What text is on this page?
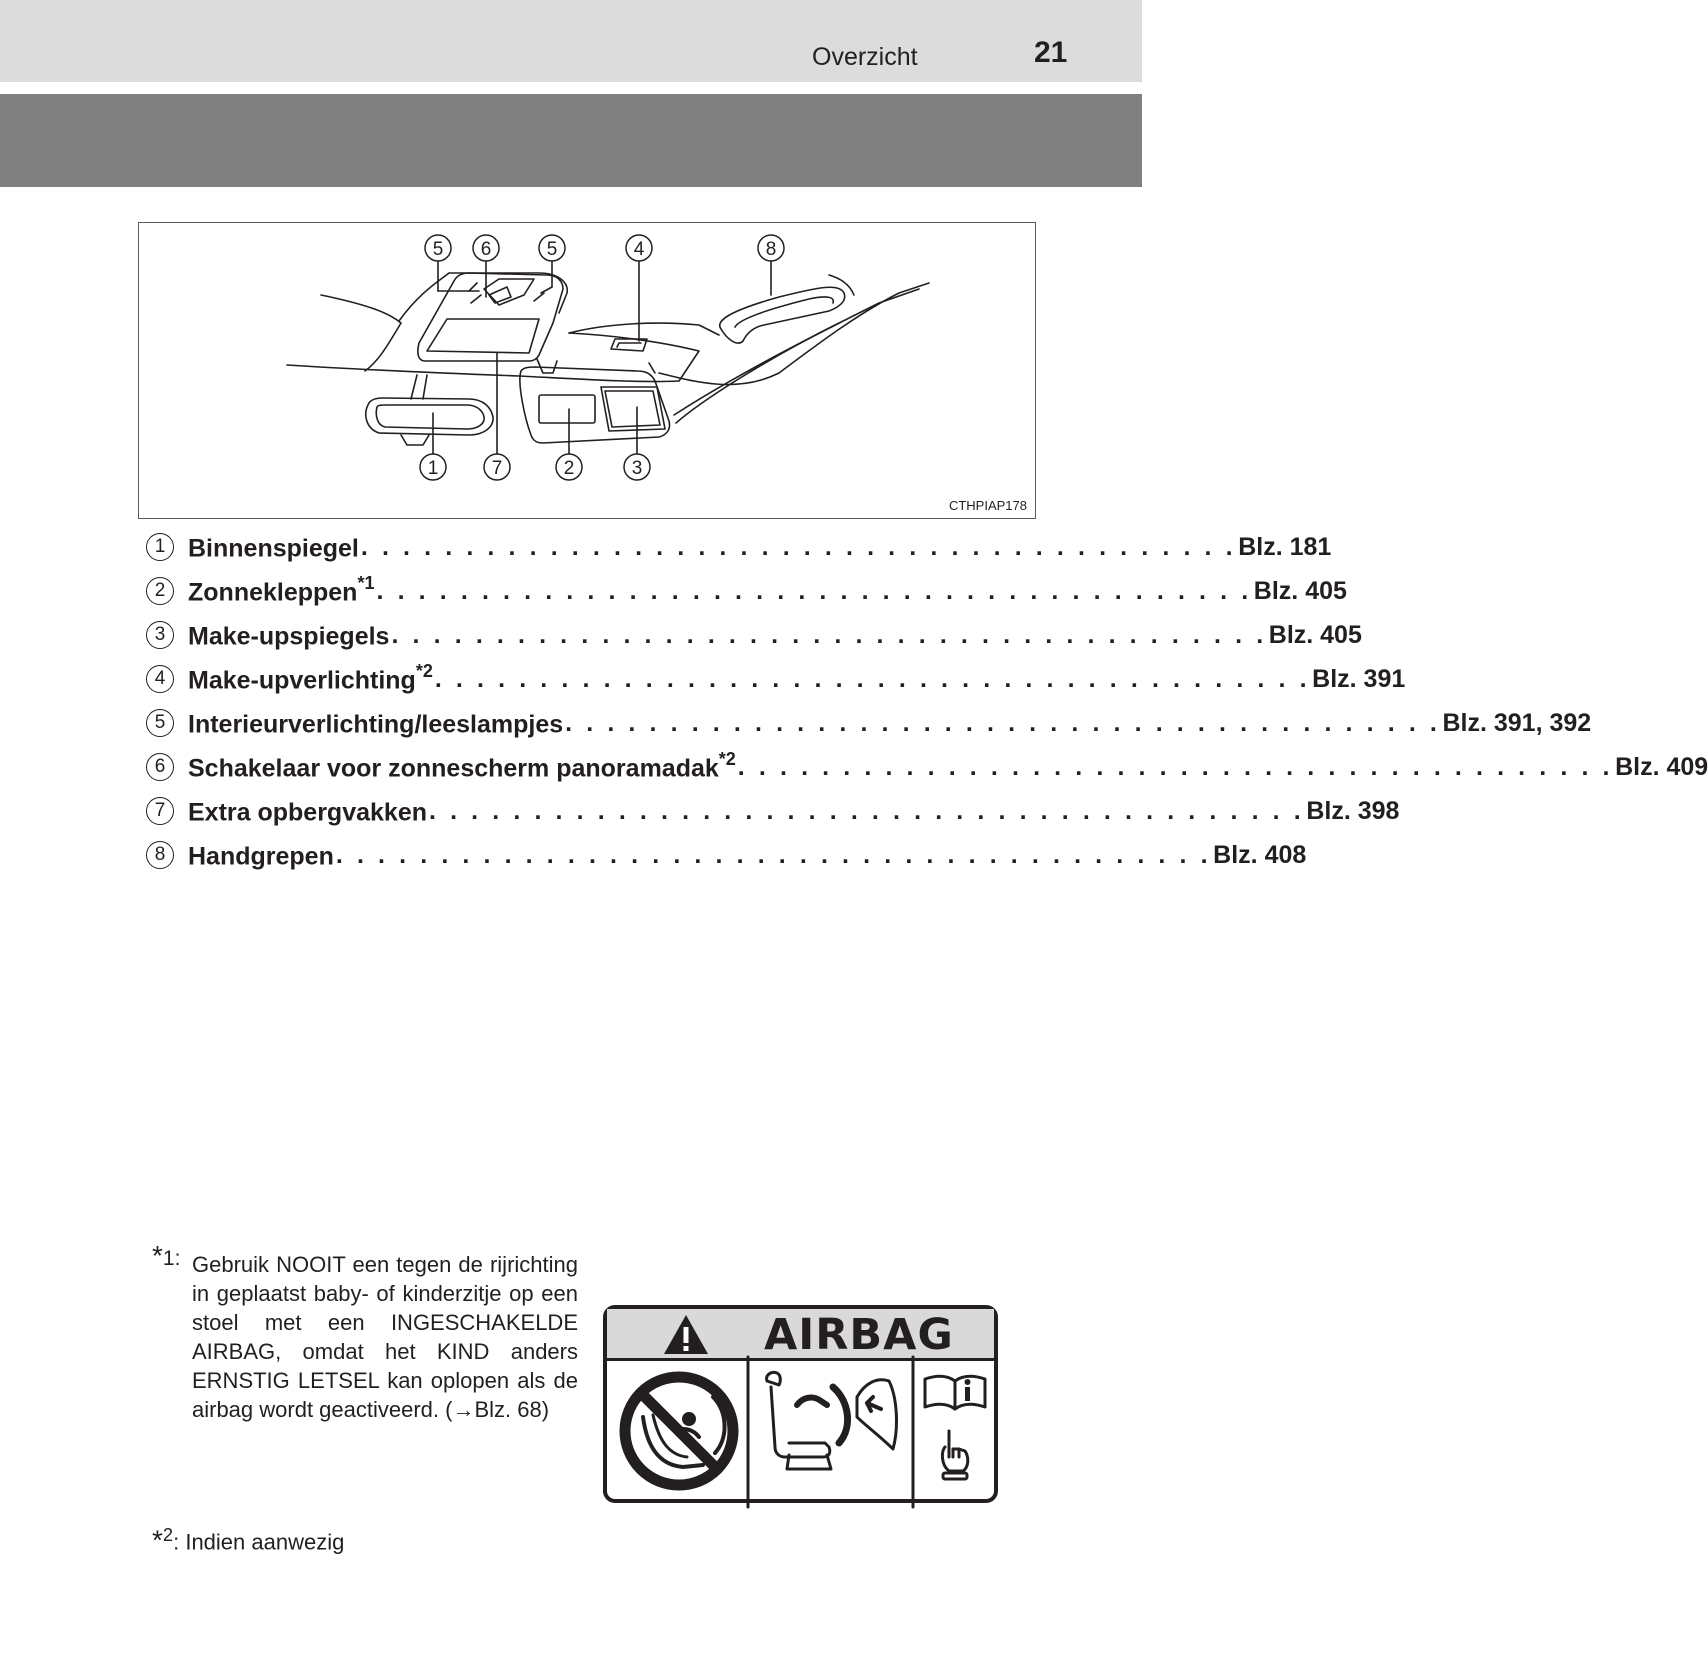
Overzicht	21
5 6	5	4	8
1	7	2	3
CTHPIAP178
1 Binnenspiegel . . . . . . . . . . . . . . . . . . . . . . . . . . . . . . . . . . . . . . . . . . Blz. 181
2 Zonnekleppen$^{*1}$ . . . . . . . . . . . . . . . . . . . . . . . . . . . . . . . . . . . . . . . . . . Blz. 405
3 Make-upspiegels . . . . . . . . . . . . . . . . . . . . . . . . . . . . . . . . . . . . . . . . . . Blz. 405
4 Make-upverlichting$^{*2}$ . . . . . . . . . . . . . . . . . . . . . . . . . . . . . . . . . . . . . . . . . . Blz. 391
5 Interieurverlichting/leeslampjes . . . . . . . . . . . . . . . . . . . . . . . . . . . . . . . . . . . . . . . . . . Blz. 391, 392
6 Schakelaar voor zonnescherm panoramadak$^{*2}$ . . . . . . . . . . . . . . . . . . . . . . . . . . . . . . . . . . . . . . . . . . Blz. 409
7 Extra opbergvakken . . . . . . . . . . . . . . . . . . . . . . . . . . . . . . . . . . . . . . . . . . Blz. 398
8 Handgrepen . . . . . . . . . . . . . . . . . . . . . . . . . . . . . . . . . . . . . . . . . . Blz. 408
*1: Gebruik NOOIT een tegen de rijrichting in geplaatst baby- of kinderzitje op een stoel met een INGESCHAKELDE AIRBAG, omdat het KIND anders ERNSTIG LETSEL kan oplopen als de airbag wordt geactiveerd. (→Blz. 68)
AIRBAG
*$^2$: Indien aanwezig
